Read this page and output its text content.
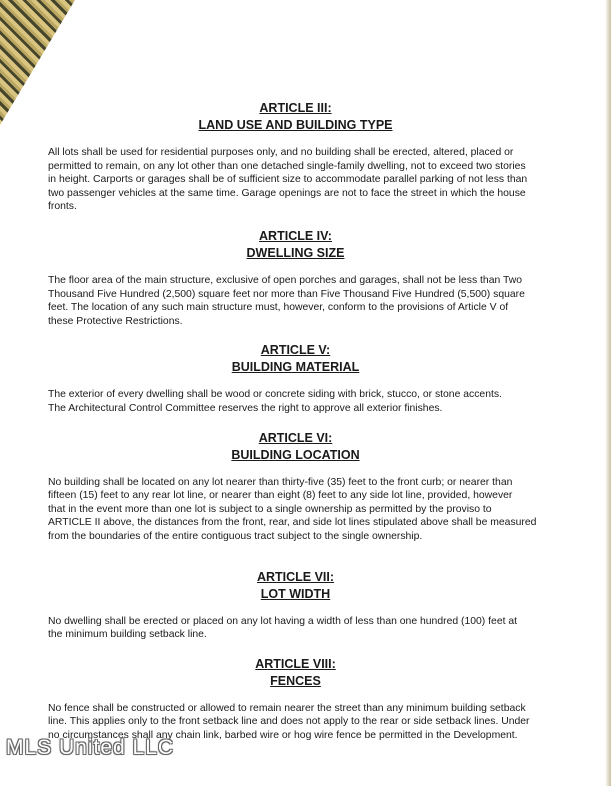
ARTICLE III:
LAND USE AND BUILDING TYPE

All lots shall be used for residential purposes only, and no building shall be erected, altered, placed or
permitted to remain, on any lot other than one detached single-family dwelling, not to exceed two stories
in height. Carports or garages shall be of sufficient size to accommodate parallel parking of not less than
two passenger vehicles at the same time. Garage openings are not to face the street in which the house
fronts.

ARTICLE IV:
DWELLING SIZE

The floor area of the main structure, exclusive of open porches and garages, shall not be less than Two
Thousand Five Hundred (2,500) square feet nor more than Five Thousand Five Hundred (5,500) square
feet. The location of any such main structure must, however, conform to the provisions of Article V of
these Protective Restrictions.

ARTICLE V:
BUILDING MATERIAL

The exterior of every dwelling shall be wood or concrete siding with brick, stucco, or stone accents.
The Architectural Control Committee reserves the right to approve all exterior finishes.

ARTICLE VI:
BUILDING LOCATION

No building shall be located on any lot nearer than thirty-five (35) feet to the front curb; or nearer than
fifteen (15) feet to any rear lot line, or nearer than eight (8) feet to any side lot line, provided, however
that in the event more than one lot is subject to a single ownership as permitted by the proviso to
ARTICLE II above, the distances from the front, rear, and side lot lines stipulated above shall be measured
from the boundaries of the entire contiguous tract subject to the single ownership.

ARTICLE VII:
LOT WIDTH

No dwelling shall be erected or placed on any lot having a width of less than one hundred (100) feet at
the minimum building setback line.

ARTICLE VIII:
FENCES

No fence shall be constructed or allowed to remain nearer the street than any minimum building setback
line. This applies only to the front setback line and does not apply to the rear or side setback lines. Under
no circumstances shall any chain link, barbed wire or hog wire fence be permitted in the Development.

MLS United LLC
